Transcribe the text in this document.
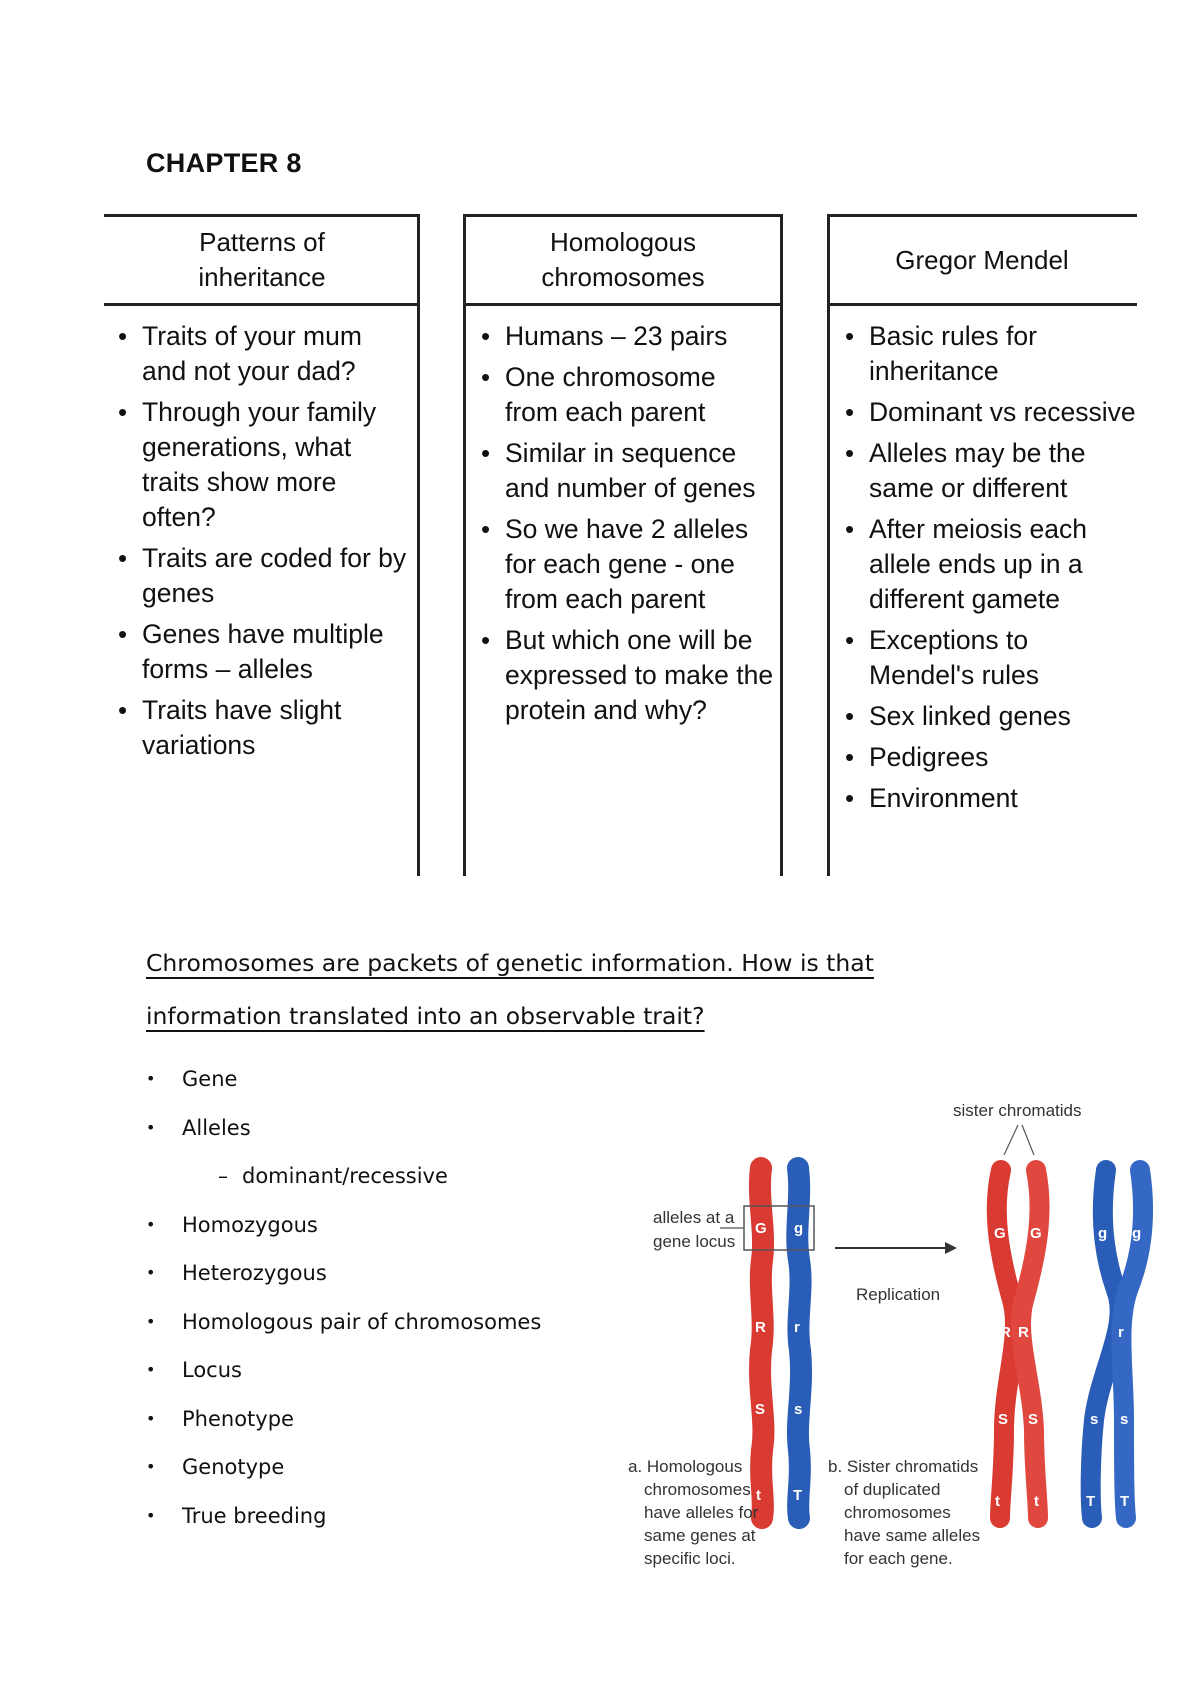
CHAPTER 8
Patterns of
inheritance
• Traits of your mum and not your dad?
• Through your family generations, what traits show more often?
• Traits are coded for by genes
• Genes have multiple forms – alleles
• Traits have slight variations
Homologous
chromosomes
• Humans – 23 pairs
• One chromosome from each parent
• Similar in sequence and number of genes
• So we have 2 alleles for each gene - one from each parent
• But which one will be expressed to make the protein and why?
Gregor Mendel
• Basic rules for inheritance
• Dominant vs recessive
• Alleles may be the same or different
• After meiosis each allele ends up in a different gamete
• Exceptions to Mendel's rules
• Sex linked genes
• Pedigrees
• Environment
Chromosomes are packets of genetic information. How is that
information translated into an observable trait?
• Gene
• Alleles
– dominant/recessive
• Homozygous
• Heterozygous
• Homologous pair of chromosomes
• Locus
• Phenotype
• Genotype
• True breeding
G g
R r
S s
t T
alleles at a
gene locus
a. Homologous
chromosomes
have alleles for
same genes at
specific loci.
Replication
sister chromatids
G G	g g
R R	r r
S S	s s
t t	T T
b. Sister chromatids
of duplicated
chromosomes
have same alleles
for each gene.
